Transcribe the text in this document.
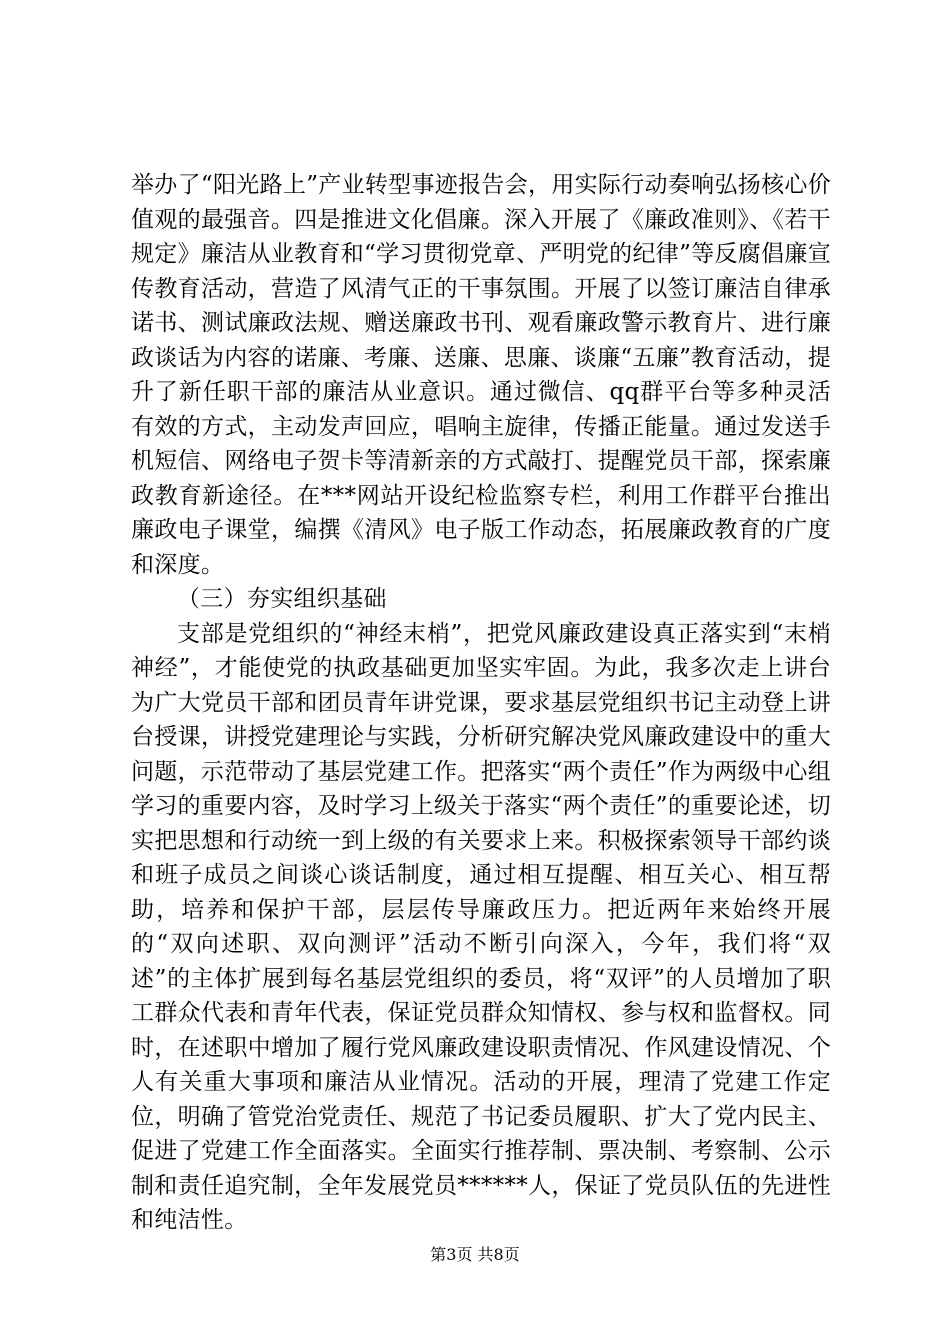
举办了“阳光路上”产业转型事迹报告会，用实际行动奏响弘扬核心价值观的最强音。四是推进文化倡廉。深入开展了《廉政准则》、《若干规定》廉洁从业教育和“学习贯彻党章、严明党的纪律”等反腐倡廉宣传教育活动，营造了风清气正的干事氛围。开展了以签订廉洁自律承诺书、测试廉政法规、赠送廉政书刊、观看廉政警示教育片、进行廉政谈话为内容的诺廉、考廉、送廉、思廉、谈廉“五廉”教育活动，提升了新任职干部的廉洁从业意识。通过微信、qq群平台等多种灵活有效的方式，主动发声回应，唱响主旋律，传播正能量。通过发送手机短信、网络电子贺卡等清新亲的方式敲打、提醒党员干部，探索廉政教育新途径。在***网站开设纪检监察专栏，利用工作群平台推出廉政电子课堂，编撰《清风》电子版工作动态，拓展廉政教育的广度和深度。

（三）夯实组织基础

支部是党组织的“神经末梢”，把党风廉政建设真正落实到“末梢神经”，才能使党的执政基础更加坚实牢固。为此，我多次走上讲台为广大党员干部和团员青年讲党课，要求基层党组织书记主动登上讲台授课，讲授党建理论与实践，分析研究解决党风廉政建设中的重大问题，示范带动了基层党建工作。把落实“两个责任”作为两级中心组学习的重要内容，及时学习上级关于落实“两个责任”的重要论述，切实把思想和行动统一到上级的有关要求上来。积极探索领导干部约谈和班子成员之间谈心谈话制度，通过相互提醒、相互关心、相互帮助，培养和保护干部，层层传导廉政压力。把近两年来始终开展的“双向述职、双向测评”活动不断引向深入，今年，我们将“双述”的主体扩展到每名基层党组织的委员，将“双评”的人员增加了职工群众代表和青年代表，保证党员群众知情权、参与权和监督权。同时，在述职中增加了履行党风廉政建设职责情况、作风建设情况、个人有关重大事项和廉洁从业情况。活动的开展，理清了党建工作定位，明确了管党治党责任、规范了书记委员履职、扩大了党内民主、促进了党建工作全面落实。全面实行推荐制、票决制、考察制、公示制和责任追究制，全年发展党员******人，保证了党员队伍的先进性和纯洁性。

第3页 共8页
